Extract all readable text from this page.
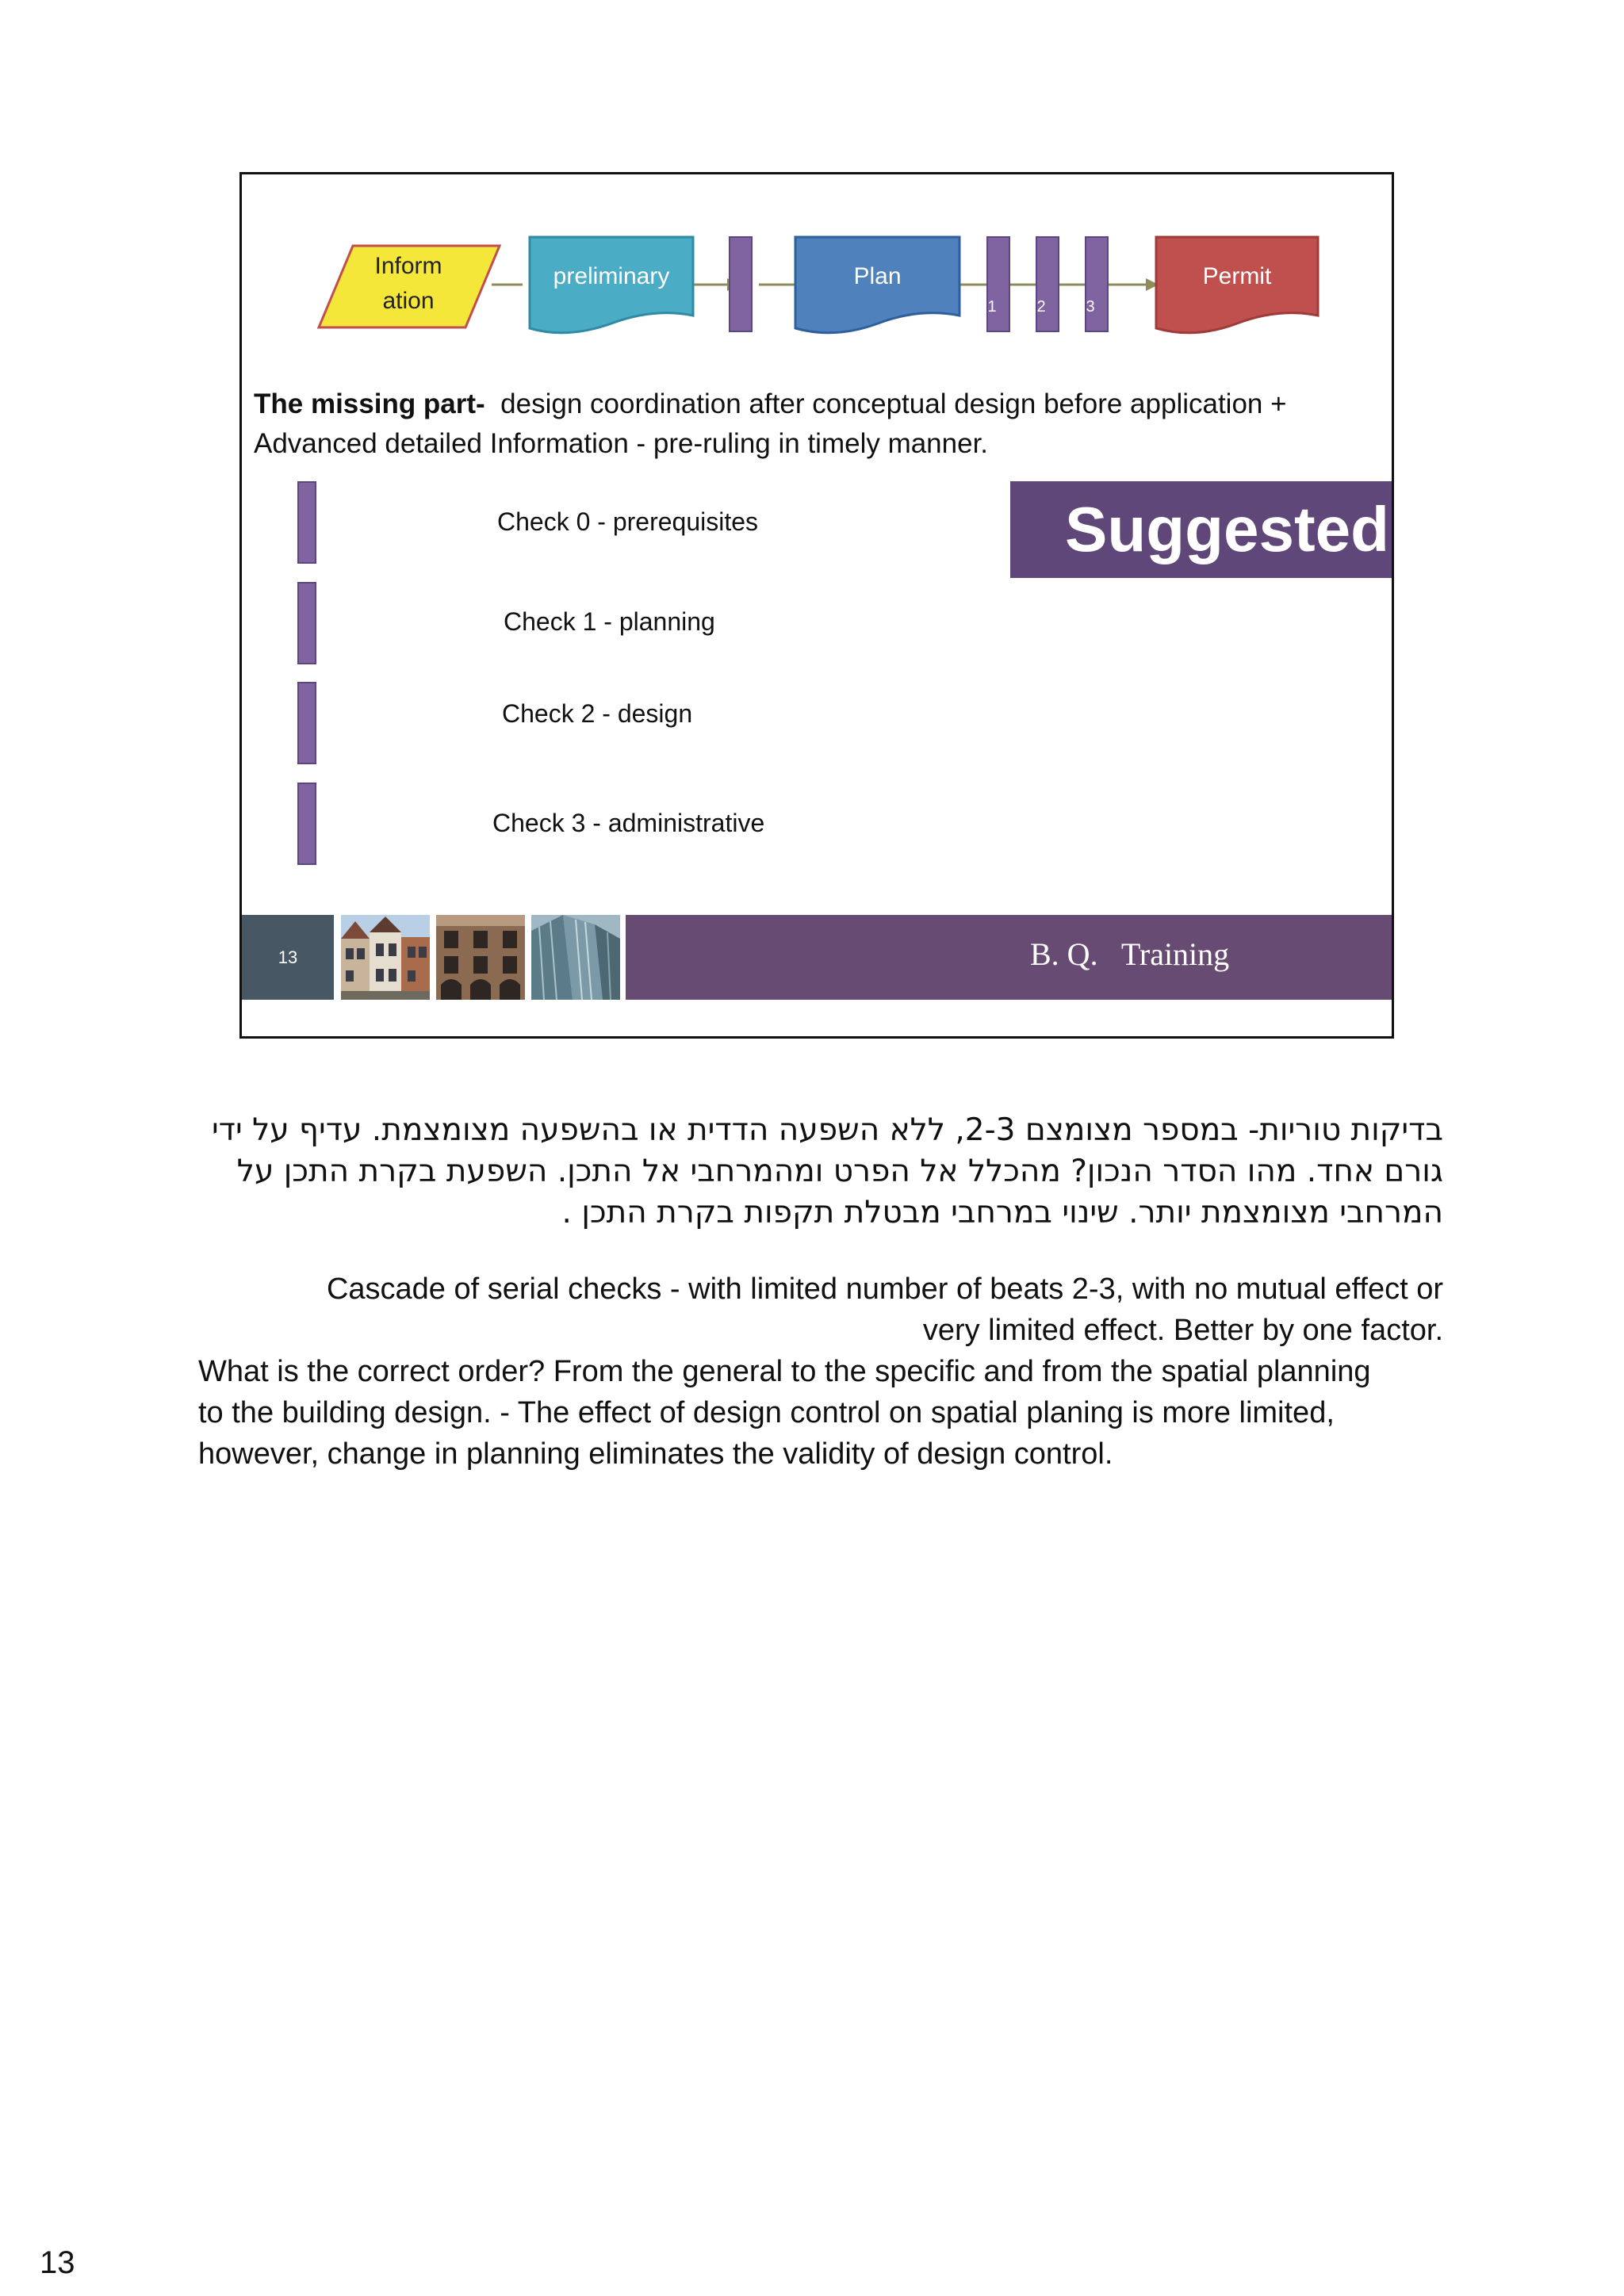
Inform
ation
preliminary	Plan	Permit
1	2	3
The missing part-  design coordination after conceptual design before application +
Advanced detailed Information - pre-ruling in timely manner.
Check 0 - prerequisites
Check 1 - planning
Check 2 - design
Check 3 - administrative
Suggested
13	B. Q.   Training

בדיקות טוריות- במספר מצומצם 2-3, ללא השפעה הדדית או בהשפעה מצומצמת. עדיף על ידי

גורם אחד. מהו הסדר הנכון? מהכלל אל הפרט ומהמרחבי אל התכן. השפעת בקרת התכן על

המרחבי מצומצמת יותר. שינוי במרחבי מבטלת תקפות בקרת התכן .

Cascade of serial checks - with limited number of beats 2-3, with no mutual effect or

very limited effect. Better by one factor.

What is the correct order? From the general to the specific and from the spatial planning

to the building design. - The effect of design control on spatial planing is more limited,

however, change in planning eliminates the validity of design control.

13
